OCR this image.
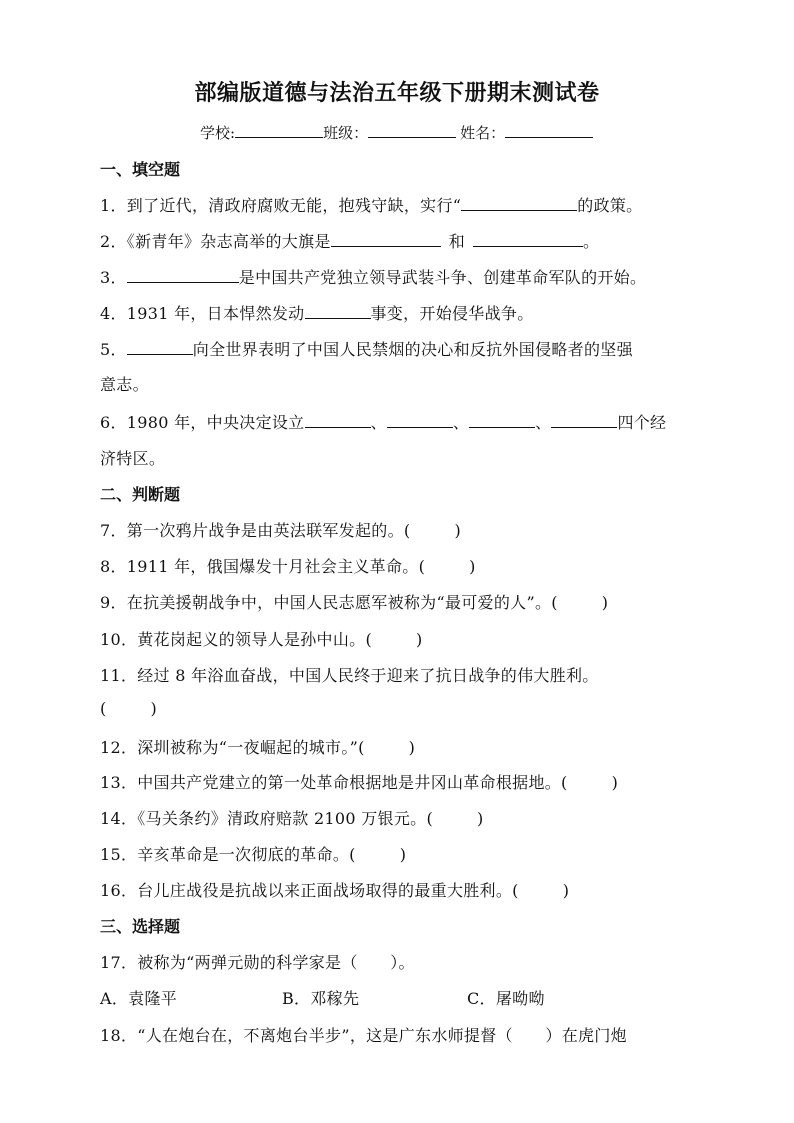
部编版道德与法治五年级下册期末测试卷
学校:	班级：	姓名：
一、填空题
1．到了近代，清政府腐败无能，抱残守缺，实行“	的政策。
2．《新青年》杂志高举的大旗是	和	。
3．	是中国共产党独立领导武装斗争、创建革命军队的开始。
4．1931 年，日本悍然发动	事变，开始侵华战争。
5．	向全世界表明了中国人民禁烟的决心和反抗外国侵略者的坚强
意志。
6．1980 年，中央决定设立	、	、	、	四个经
济特区。
二、判断题
7．第一次鸦片战争是由英法联军发起的。(	)
8．1911 年，俄国爆发十月社会主义革命。(	)
9．在抗美援朝战争中，中国人民志愿军被称为“最可爱的人”。(	)
10．黄花岗起义的领导人是孙中山。(	)
11．经过 8 年浴血奋战，中国人民终于迎来了抗日战争的伟大胜利。
(	)
12．深圳被称为“一夜崛起的城市。”(	)
13．中国共产党建立的第一处革命根据地是井冈山革命根据地。(	)
14．《马关条约》清政府赔款 2100 万银元。(	)
15．辛亥革命是一次彻底的革命。(	)
16．台儿庄战役是抗战以来正面战场取得的最重大胜利。(	)
三、选择题
17．被称为“两弹元勋的科学家是（　　）。
A．袁隆平	B．邓稼先	C．屠呦呦
18．“人在炮台在，不离炮台半步”，这是广东水师提督（　　）在虎门炮
